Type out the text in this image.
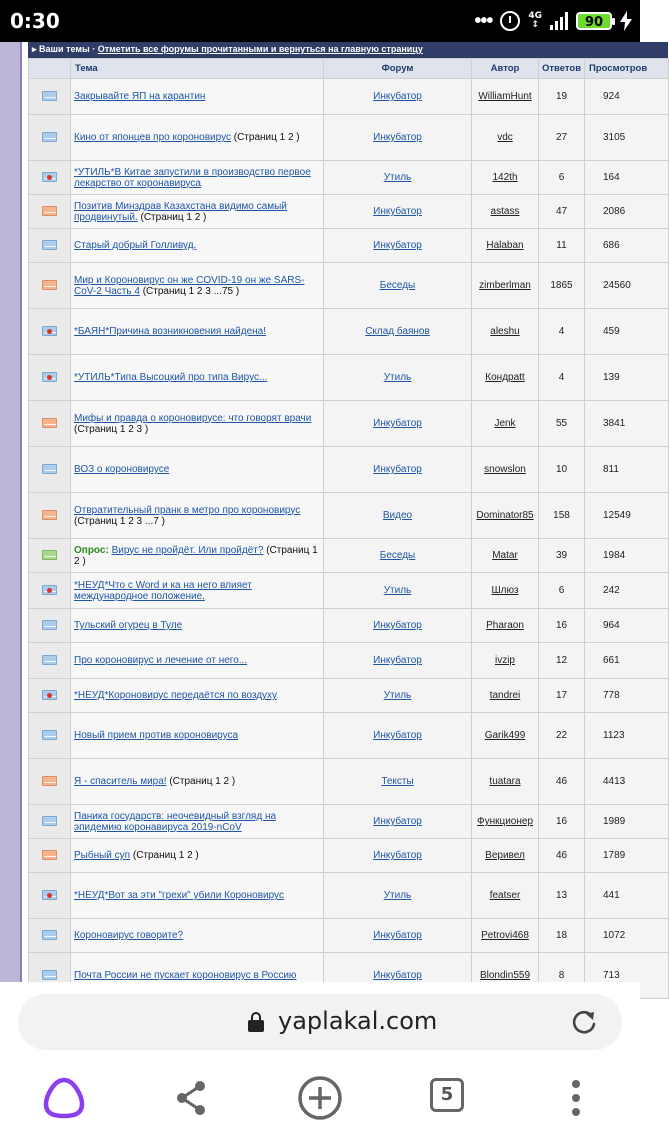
0:30	•••	4G
↕	90
▸ Ваши темы · Отметить все форумы прочитанными и вернуться на главную страницу
	Тема	Форум	Автор	Ответов	Просмотров
	Закрывайте ЯП на карантин	Инкубатор	WilliamHunt	19	924
	Кино от японцев про короновирус (Страниц 1 2 )	Инкубатор	vdc	27	3105
	*УТИЛЬ*В Китае запустили в производство первое лекарство от коронавируса	Утиль	142th	6	164
	Позитив Минздрав Казахстана видимо самый продвинутый. (Страниц 1 2 )	Инкубатор	astass	47	2086
	Старый добрый Голливуд.	Инкубатор	Halaban	11	686
	Мир и Короновирус он же COVID-19 он же SARS-CoV-2 Часть 4 (Страниц 1 2 3 ...75 )	Беседы	zimberlman	1865	24560
	*БАЯН*Причина возникновения найдена!	Склад баянов	aleshu	4	459
	*УТИЛЬ*Типа Высоцкий про типа Вирус...	Утиль	Кондpatt	4	139
	Мифы и правда о короновирусе: что говорят врачи (Страниц 1 2 3 )	Инкубатор	Jenk	55	3841
	ВОЗ о короновирусе	Инкубатор	snowslon	10	811
	Отвратительный пранк в метро про короновирус (Страниц 1 2 3 ...7 )	Видео	Dominator85	158	12549
	Опрос: Вирус не пройдёт. Или пройдёт? (Страниц 1 2 )	Беседы	Matar	39	1984
	*НЕУД*Что с Word и ка на него влияет международное положение.	Утиль	Шлюз	6	242
	Тульский огурец в Туле	Инкубатор	Pharaon	16	964
	Про короновирус и лечение от него...	Инкубатор	ivzip	12	661
	*НЕУД*Короновирус передаётся по воздуху	Утиль	tandrei	17	778
	Новый прием против короновируса	Инкубатор	Garik499	22	1123
	Я - спаситель мира! (Страниц 1 2 )	Тексты	tuatara	46	4413
	Паника государств: неочевидный взгляд на эпидемию коронавируса 2019-nCoV	Инкубатор	Функционер	16	1989
	Рыбный суп (Страниц 1 2 )	Инкубатор	Веривел	46	1789
	*НЕУД*Вот за эти "грехи" убили Короновирус	Утиль	featser	13	441
	Короновирус говорите?	Инкубатор	Petrovi468	18	1072
	Почта России не пускает короновирус в Россию	Инкубатор	Blondin559	8	713
yaplakal.com
5
